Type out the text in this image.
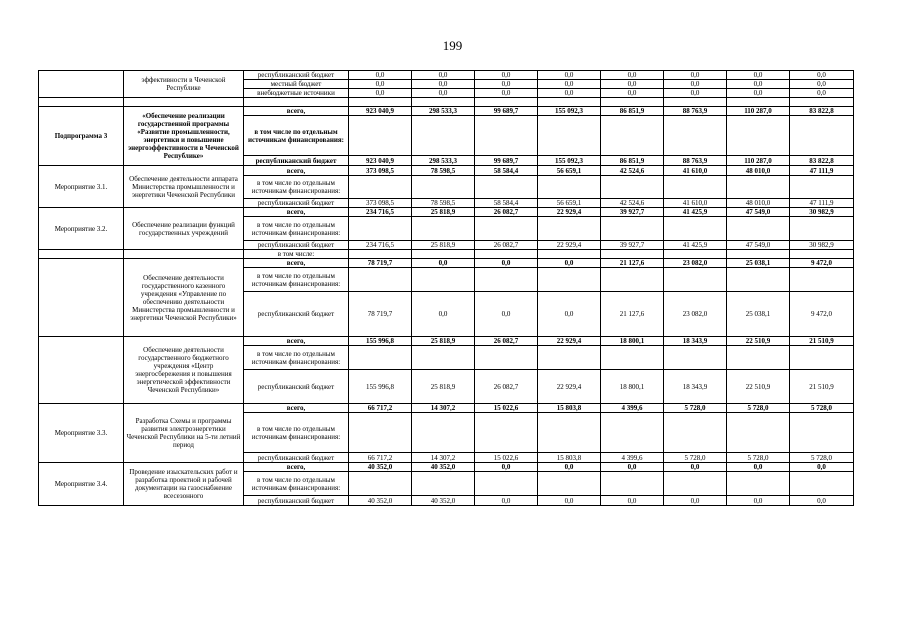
199
	эффективности в Чеченской Республике	республиканский бюджет	0,0	0,0	0,0	0,0	0,0	0,0	0,0	0,0
		местный бюджет	0,0	0,0	0,0	0,0	0,0	0,0	0,0	0,0
		внебюджетные источники	0,0	0,0	0,0	0,0	0,0	0,0	0,0	0,0

Подпрограмма 3	«Обеспечение реализации государственной программы «Развитие промышленности, энергетики и повышение энергоэффективности в Чеченской Республике»	всего,	923 040,9	298 533,3	99 689,7	155 092,3	86 851,9	88 763,9	110 287,0	83 822,8
		в том числе по отдельным источникам финансирования:								
		республиканский бюджет	923 040,9	298 533,3	99 689,7	155 092,3	86 851,9	88 763,9	110 287,0	83 822,8
Мероприятие 3.1.	Обеспечение деятельности аппарата Министерства промышленности и энергетики Чеченской Республики	всего,	373 098,5	78 598,5	58 584,4	56 659,1	42 524,6	41 610,0	48 010,0	47 111,9
		в том числе по отдельным источникам финансирования:								
		республиканский бюджет	373 098,5	78 598,5	58 584,4	56 659,1	42 524,6	41 610,0	48 010,0	47 111,9
Мероприятие 3.2.	Обеспечение реализации функций государственных учреждений	всего,	234 716,5	25 818,9	26 082,7	22 929,4	39 927,7	41 425,9	47 549,0	30 982,9
		в том числе по отдельным источникам финансирования:								
		республиканский бюджет	234 716,5	25 818,9	26 082,7	22 929,4	39 927,7	41 425,9	47 549,0	30 982,9
		в том числе:								
	Обеспечение деятельности государственного казенного учреждения «Управление по обеспечению деятельности Министерства промышленности и энергетики Чеченской Республики»	всего,	78 719,7	0,0	0,0	0,0	21 127,6	23 082,0	25 038,1	9 472,0
		в том числе по отдельным источникам финансирования:								
		республиканский бюджет	78 719,7	0,0	0,0	0,0	21 127,6	23 082,0	25 038,1	9 472,0
	Обеспечение деятельности государственного бюджетного учреждения «Центр энергосбережения и повышения энергетической эффективности Чеченской Республики»	всего,	155 996,8	25 818,9	26 082,7	22 929,4	18 800,1	18 343,9	22 510,9	21 510,9
		в том числе по отдельным источникам финансирования:								
		республиканский бюджет	155 996,8	25 818,9	26 082,7	22 929,4	18 800,1	18 343,9	22 510,9	21 510,9
Мероприятие 3.3.	Разработка Схемы и программы развития электроэнергетики Чеченской Республики на 5-ти летний период	всего,	66 717,2	14 307,2	15 022,6	15 803,8	4 399,6	5 728,0	5 728,0	5 728,0
		в том числе по отдельным источникам финансирования:								
		республиканский бюджет	66 717,2	14 307,2	15 022,6	15 803,8	4 399,6	5 728,0	5 728,0	5 728,0
Мероприятие 3.4.	Проведение изыскательских работ и разработка проектной и рабочей документации на газоснабжение всесезонного	всего,	40 352,0	40 352,0	0,0	0,0	0,0	0,0	0,0	0,0
		в том числе по отдельным источникам финансирования:								
		республиканский бюджет	40 352,0	40 352,0	0,0	0,0	0,0	0,0	0,0	0,0
